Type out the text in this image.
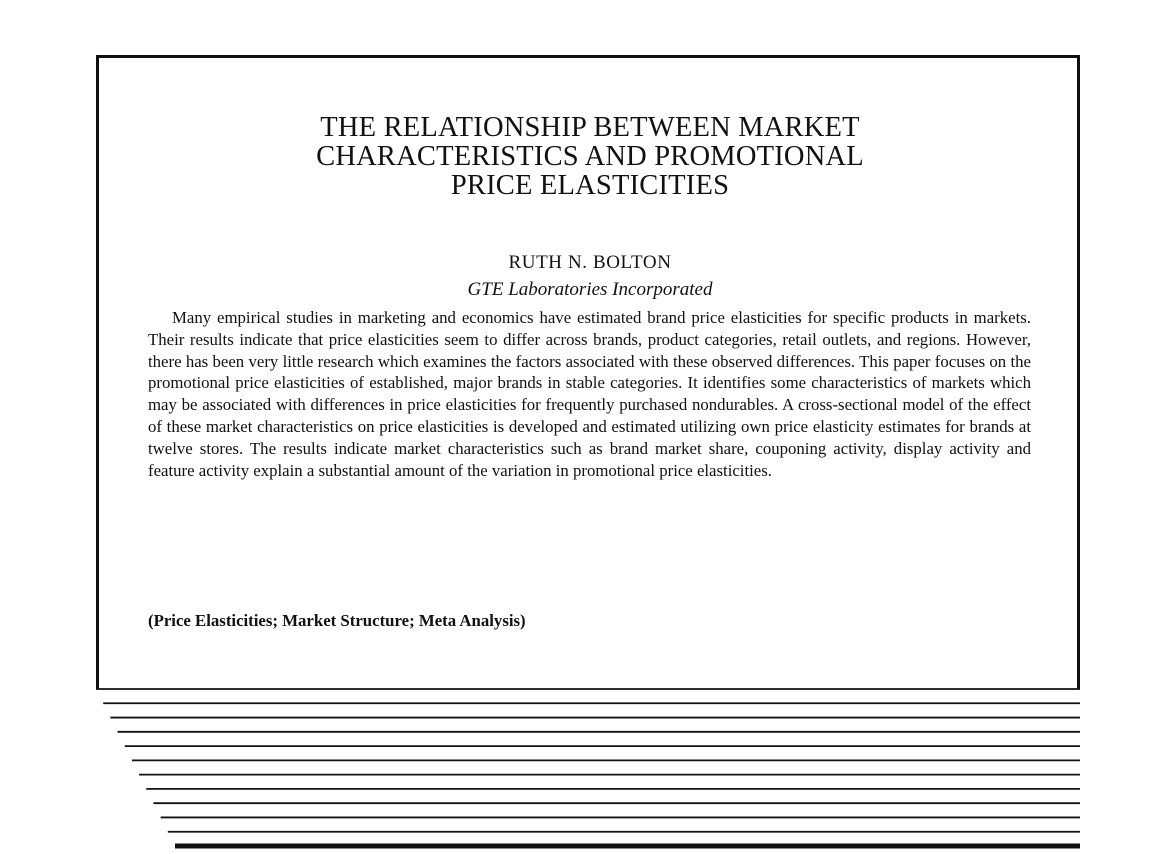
THE RELATIONSHIP BETWEEN MARKET
CHARACTERISTICS AND PROMOTIONAL
PRICE ELASTICITIES

RUTH N. BOLTON

GTE Laboratories Incorporated

Many empirical studies in marketing and economics have estimated brand price elasticities for specific products in markets. Their results indicate that price elasticities seem to differ across brands, product categories, retail outlets, and regions. However, there has been very little research which examines the factors associated with these observed differences. This paper focuses on the promotional price elasticities of established, major brands in stable categories. It identifies some characteristics of markets which may be associated with differences in price elasticities for frequently purchased nondurables. A cross-sectional model of the effect of these market characteristics on price elasticities is developed and estimated utilizing own price elasticity estimates for brands at twelve stores. The results indicate market characteristics such as brand market share, couponing activity, display activity and feature activity explain a substantial amount of the variation in promotional price elasticities.

(Price Elasticities; Market Structure; Meta Analysis)
